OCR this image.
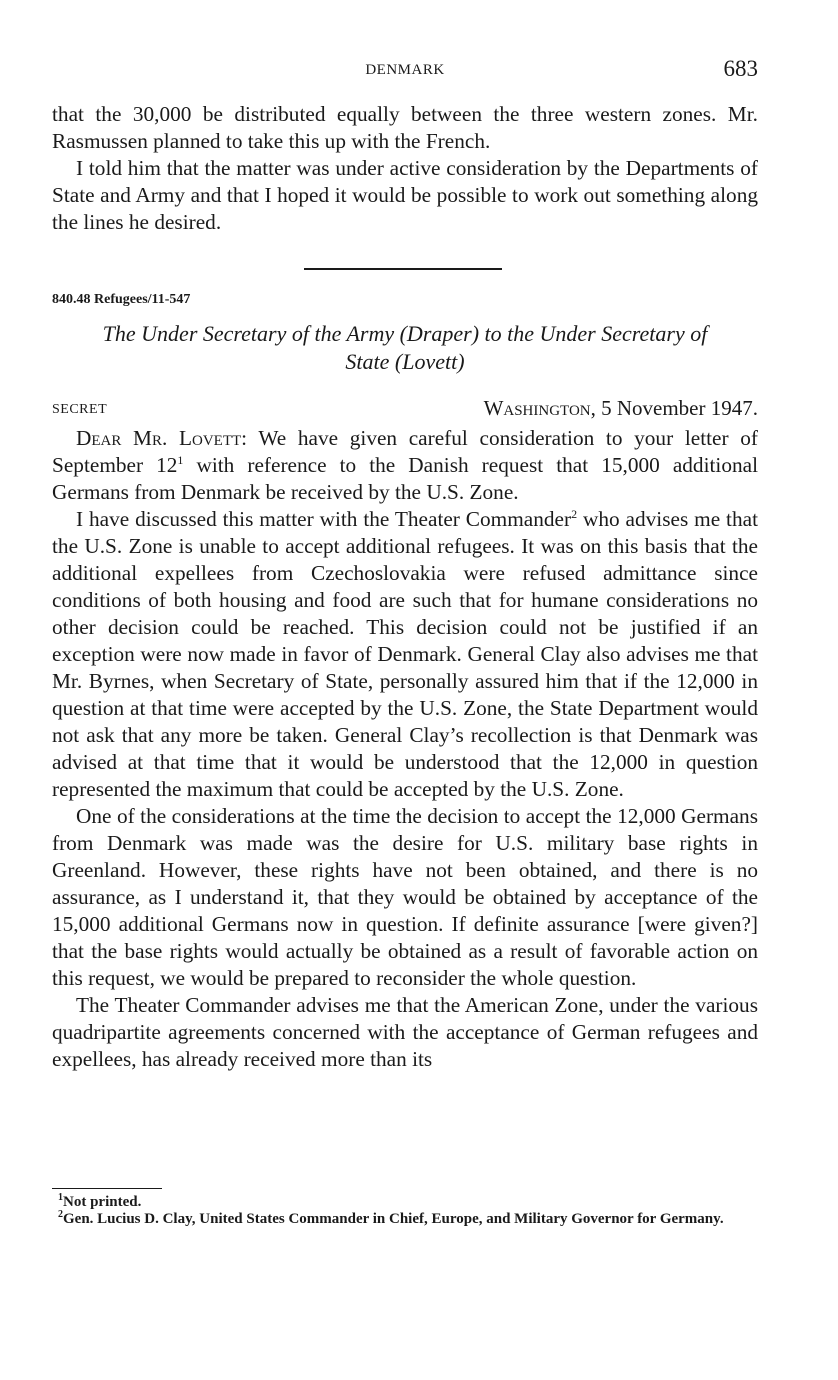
DENMARK	683

that the 30,000 be distributed equally between the three western zones. Mr. Rasmussen planned to take this up with the French.

I told him that the matter was under active consideration by the Departments of State and Army and that I hoped it would be possible to work out something along the lines he desired.

840.48 Refugees/11-547
The Under Secretary of the Army (Draper) to the Under Secretary of
State (Lovett)
SECRET	Washington, 5 November 1947.

Dear Mr. Lovett: We have given careful consideration to your letter of September 12$^1$ with reference to the Danish request that 15,000 additional Germans from Denmark be received by the U.S. Zone.

I have discussed this matter with the Theater Commander$^2$ who advises me that the U.S. Zone is unable to accept additional refugees. It was on this basis that the additional expellees from Czechoslovakia were refused admittance since conditions of both housing and food are such that for humane considerations no other decision could be reached. This decision could not be justified if an exception were now made in favor of Denmark. General Clay also advises me that Mr. Byrnes, when Secretary of State, personally assured him that if the 12,000 in question at that time were accepted by the U.S. Zone, the State Department would not ask that any more be taken. General Clay’s recollection is that Denmark was advised at that time that it would be understood that the 12,000 in question represented the maximum that could be accepted by the U.S. Zone.

One of the considerations at the time the decision to accept the 12,000 Germans from Denmark was made was the desire for U.S. military base rights in Greenland. However, these rights have not been obtained, and there is no assurance, as I understand it, that they would be obtained by acceptance of the 15,000 additional Germans now in question. If definite assurance [were given?] that the base rights would actually be obtained as a result of favorable action on this request, we would be prepared to reconsider the whole question.

The Theater Commander advises me that the American Zone, under the various quadripartite agreements concerned with the acceptance of German refugees and expellees, has already received more than its

$^1$Not printed.

$^2$Gen. Lucius D. Clay, United States Commander in Chief, Europe, and Military Governor for Germany.
